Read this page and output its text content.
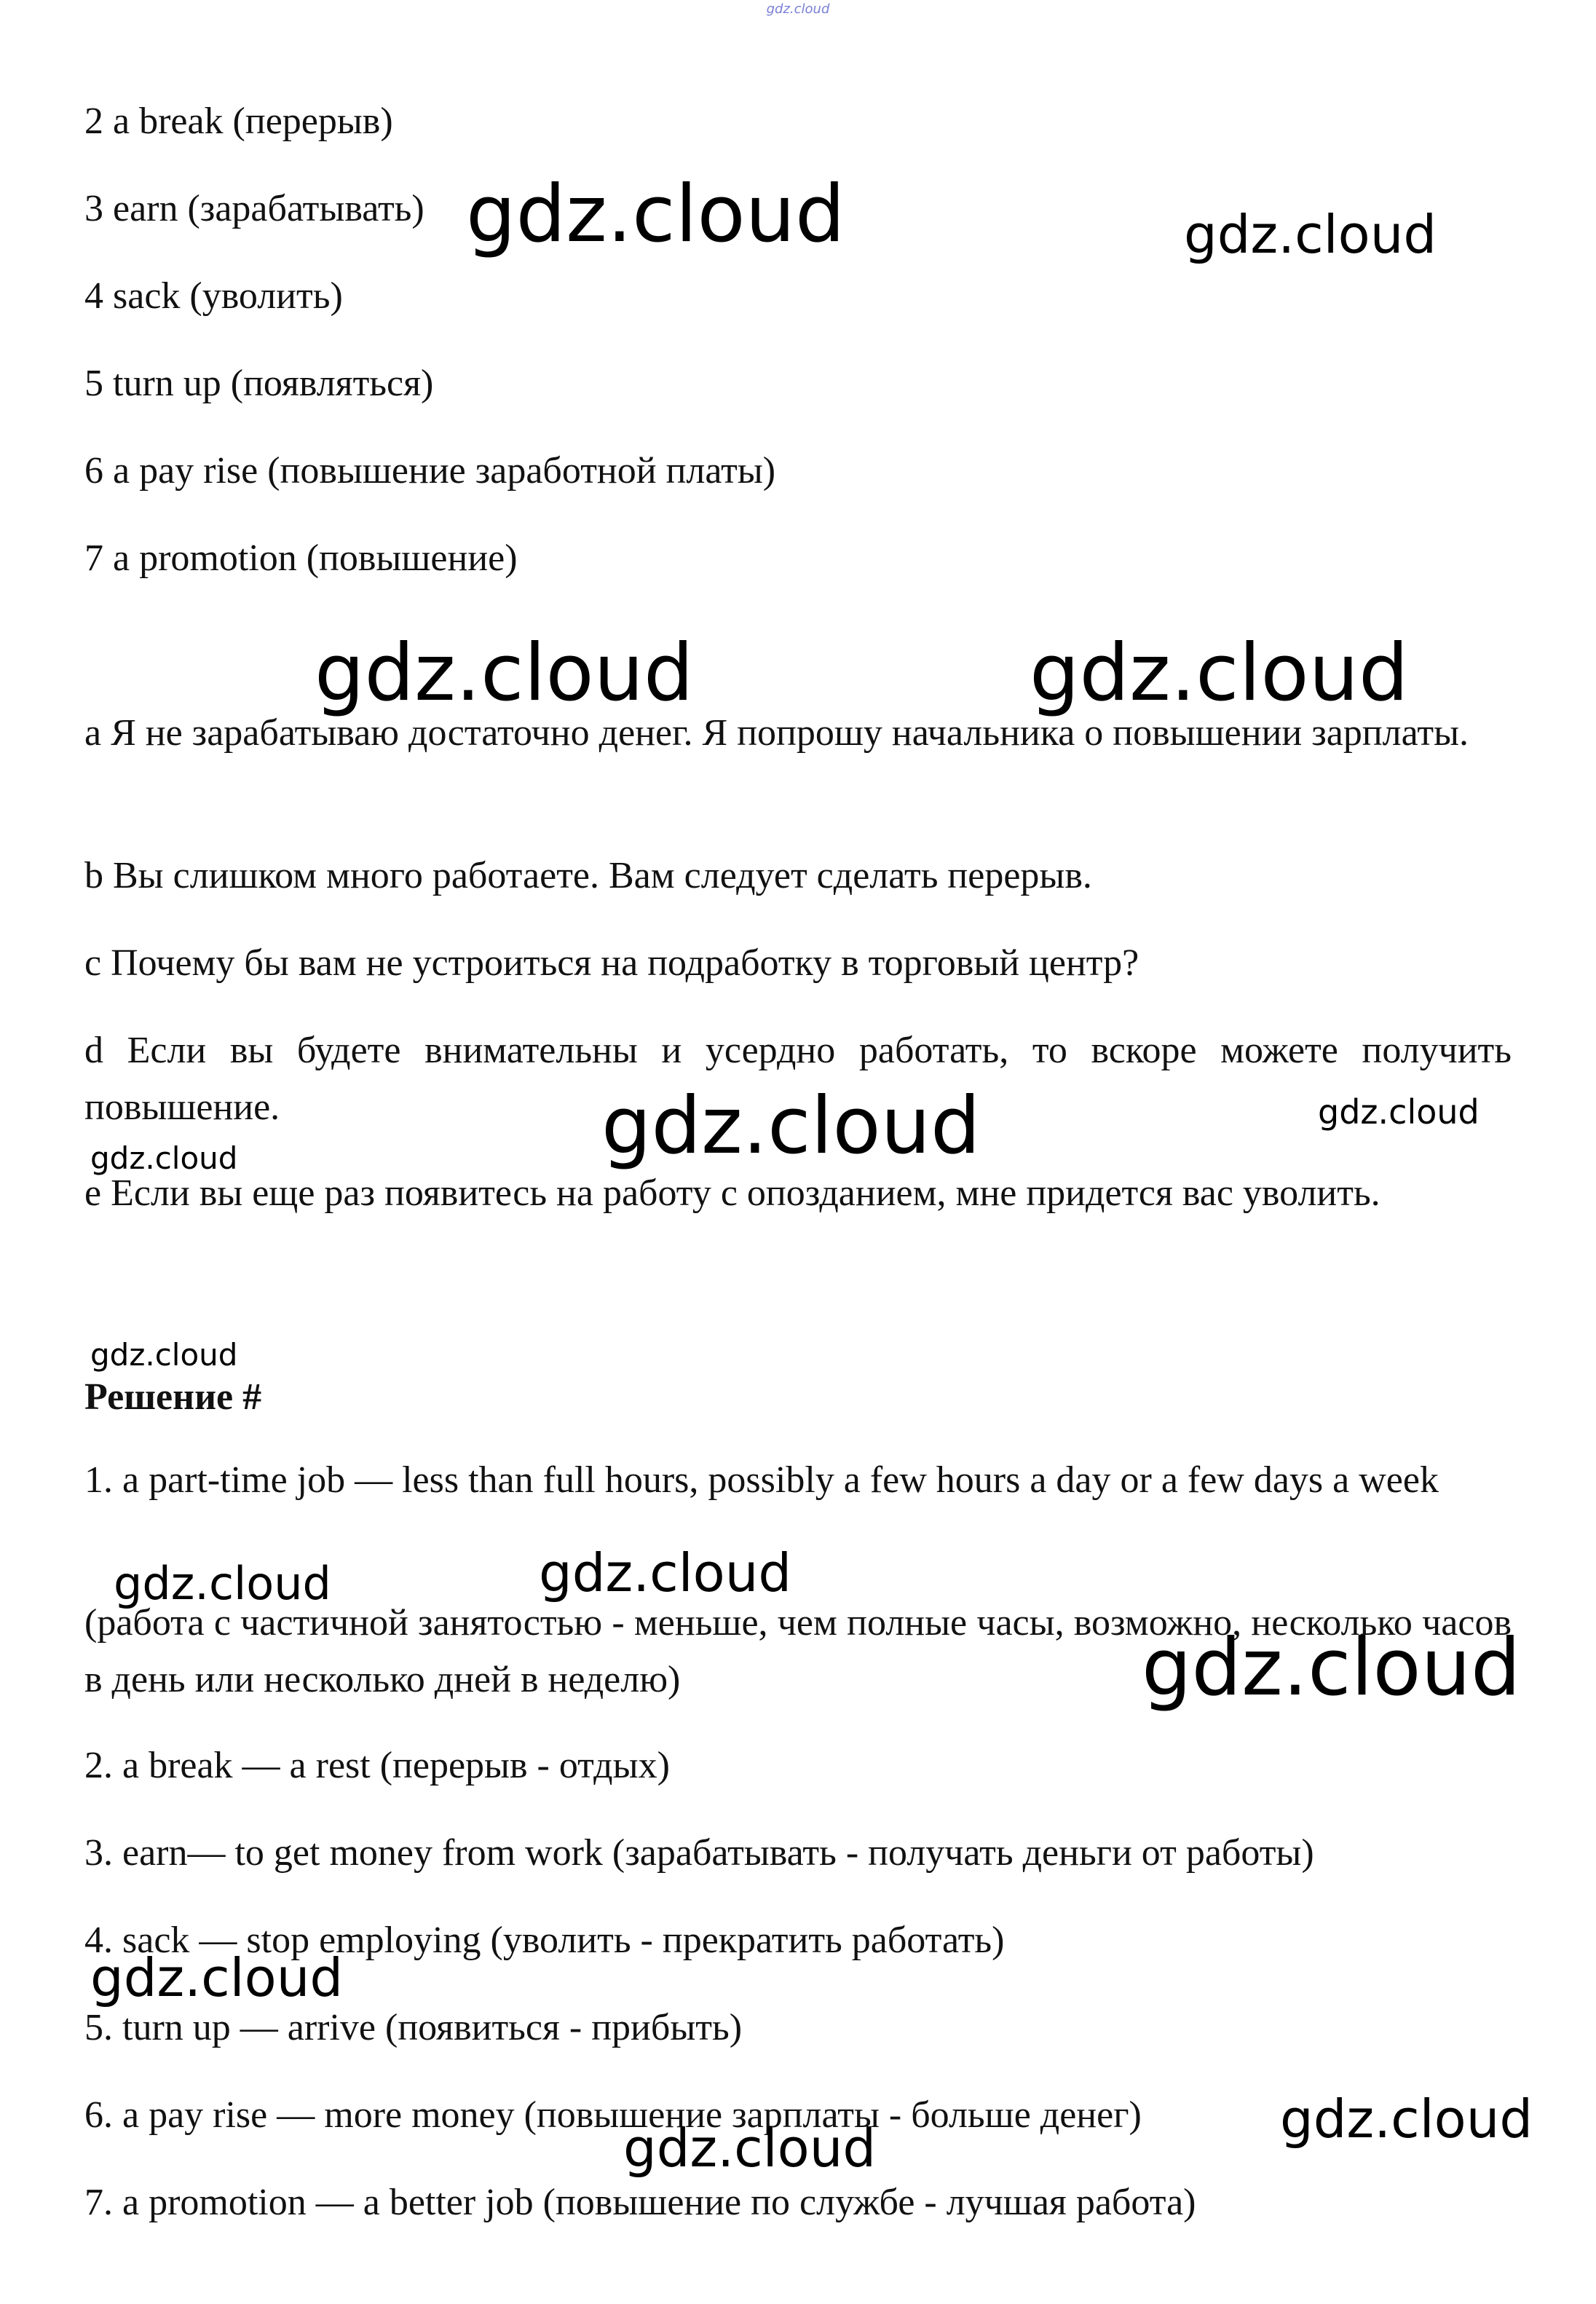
gdz.cloud
2 a break (перерыв)
3 earn (зарабатывать)
4 sack (уволить)
5 turn up (появляться)
6 a pay rise (повышение заработной платы)
7 a promotion (повышение)
a Я не зарабатываю достаточно денег. Я попрошу начальника о повышении зарплаты.
b Вы слишком много работаете. Вам следует сделать перерыв.
c Почему бы вам не устроиться на подработку в торговый центр?
d Если вы будете внимательны и усердно работать, то вскоре можете получить повышение.
e Если вы еще раз появитесь на работу с опозданием, мне придется вас уволить.
Решение #
1. a part-time job — less than full hours, possibly a few hours a day or a few days a week
(работа с частичной занятостью - меньше, чем полные часы, возможно, несколько часов в день или несколько дней в неделю)
2. a break — a rest (перерыв - отдых)
3. earn— to get money from work (зарабатывать - получать деньги от работы)
4. sack — stop employing (уволить - прекратить работать)
5. turn up — arrive (появиться - прибыть)
6. a pay rise — more money (повышение зарплаты - больше денег)
7. a promotion — a better job (повышение по службе - лучшая работа)
gdz.cloud	gdz.cloud
gdz.cloud	gdz.cloud
gdz.cloud	gdz.cloud
gdz.cloud
gdz.cloud
gdz.cloud	gdz.cloud
gdz.cloud
gdz.cloud
gdz.cloud
gdz.cloud
